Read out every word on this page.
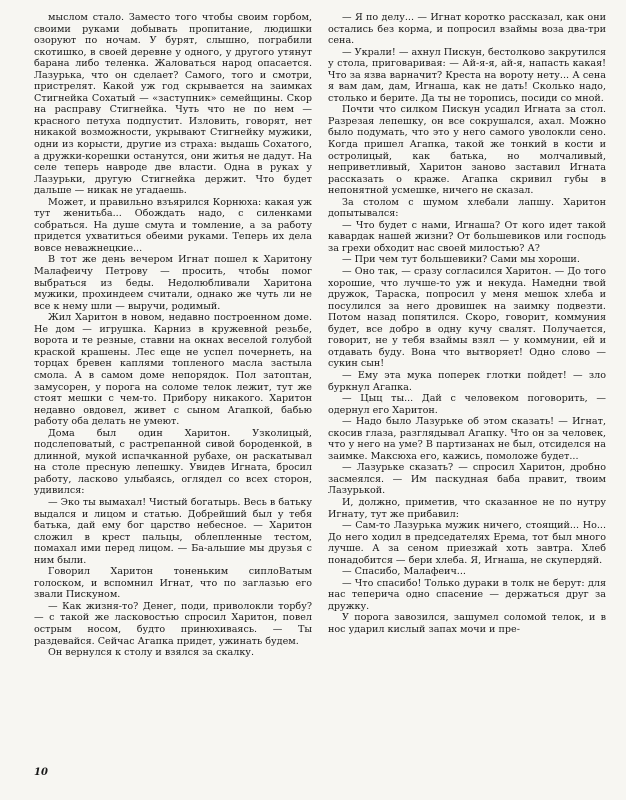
мыслом стало. Заместо того чтобы своим горбом, своими руками добывать пропитание, людишки озоруют по ночам. У бурят, слышно, пограбили скотишко, в своей деревне у одного, у другого утянут барана либо теленка. Жаловаться народ опасается. Лазурька, что он сделает? Самого, того и смотри, пристрелят. Какой уж год скрывается на заимках Стигнейка Сохатый — «заступник» семейщины. Скор на расправу Стигнейка. Чуть что не по нем — красного петуха подпустит. Изловить, говорят, нет никакой возможности, укрывают Стигнейку мужики, одни из корысти, другие из страха: выдашь Сохатого, а дружки-корешки останутся, они житья не дадут. На селе теперь навроде две власти. Одна в руках у Лазурьки, другую Стигнейка держит. Что будет дальше — никак не угадаешь.

Может, и правильно взъярился Корнюха: какая уж тут женитьба... Обождать надо, с силенками собраться. На душе смута и томление, а за работу придется ухватиться обеими руками. Теперь их дела вовсе неважнецкие...

В тот же день вечером Игнат пошел к Харитону Малафеичу Петрову — просить, чтобы помог выбраться из беды. Недолюбливали Харитона мужики, прохиндеем считали, однако же чуть ли не все к нему шли — выручи, родимый.

Жил Харитон в новом, недавно построенном доме. Не дом — игрушка. Карниз в кружевной резьбе, ворота и те резные, ставни на окнах веселой голубой краской крашены. Лес еще не успел почернеть, на торцах бревен каплями топленого масла застыла смола. А в самом доме непорядок. Пол затоптан, замусорен, у порога на соломе телок лежит, тут же стоят мешки с чем-то. Прибору никакого. Харитон недавно овдовел, живет с сыном Агапкой, бабью работу оба делать не умеют.

Дома был один Харитон. Узколицый, подслеповатый, с растрепанной сивой бороденкой, в длинной, мукой испачканной рубахе, он раскатывал на столе пресную лепешку. Увидев Игната, бросил работу, ласково улыбаясь, оглядел со всех сторон, удивился:

— Эко ты вымахал! Чистый богатырь. Весь в батьку выдался и лицом и статью. Добрейший был у тебя батька, дай ему бог царство небесное. — Харитон сложил в крест пальцы, облепленные тестом, помахал ими перед лицом. — Ба-альшие мы друзья с ним были.

Говорил Харитон тоненьким сиплоВатым голоском, и вспомнил Игнат, что по заглазью его звали Пискуном.

— Как жизня-то? Денег, поди, приволокли торбу? — с такой же ласковостью спросил Харитон, повел острым носом, будто принюхиваясь. — Ты раздевайся. Сейчас Агапка придет, ужинать будем.

Он вернулся к столу и взялся за скалку.

— Я по делу... — Игнат коротко рассказал, как они остались без корма, и попросил взаймы воза два-три сена.

— Украли! — ахнул Пискун, бестолково закрутился у стола, приговаривая: — Ай-я-я, ай-я, напасть какая! Что за язва варначит? Креста на вороту нету... А сена я вам дам, дам, Игнаша, как не дать! Сколько надо, столько и берите. Да ты не торопись, посиди со мной.

Почти что силком Пискун усадил Игната за стол. Разрезая лепешку, он все сокрушался, ахал. Можно было подумать, что это у него самого уволокли сено. Когда пришел Агапка, такой же тонкий в кости и остролицый, как батька, но молчаливый, неприветливый, Харитон заново заставил Игната рассказать о краже. Агапка скривил губы в непонятной усмешке, ничего не сказал.

За столом с шумом хлебали лапшу. Харитон допытывался:

— Что будет с нами, Игнаша? От кого идет такой кавардак нашей жизни? От большевиков или господь за грехи обходит нас своей милостью? А?

— При чем тут большевики? Сами мы хороши.

— Оно так, — сразу согласился Харитон. — До того хорошие, что лучше-то уж и некуда. Намедни твой дружок, Тараска, попросил у меня мешок хлеба и посулился за него дровишек на заимку подвезти. Потом назад попятился. Скоро, говорит, коммуния будет, все добро в одну кучу свалят. Получается, говорит, не у тебя взаймы взял — у коммунии, ей и отдавать буду. Вона что вытворяет! Одно слово — сукин сын!

— Ему эта мука поперек глотки пойдет! — зло буркнул Агапка.

— Цыц ты... Дай с человеком поговорить, — одернул его Харитон.

— Надо было Лазурьке об этом сказать! — Игнат, скосив глаза, разглядывал Агапку. Что он за человек, что у него на уме? В партизанах не был, отсиделся на заимке. Максюха его, кажись, помоложе будет...

— Лазурьке сказать? — спросил Харитон, дробно засмеялся. — Им паскудная баба правит, твоим Лазурькой.

И, должно, приметив, что сказанное не по нутру Игнату, тут же прибавил:

— Сам-то Лазурька мужик ничего, стоящий... Но... До него ходил в председателях Ерема, тот был много лучше. А за сеном приезжай хоть завтра. Хлеб понадобится — бери хлеба. Я, Игнаша, не скупердяй.

— Спасибо, Малафеич...

— Что спасибо! Только дураки в толк не берут: для нас теперича одно спасение — держаться друг за дружку.

У порога завозился, зашумел соломой телок, и в нос ударил кислый запах мочи и пре-

10
